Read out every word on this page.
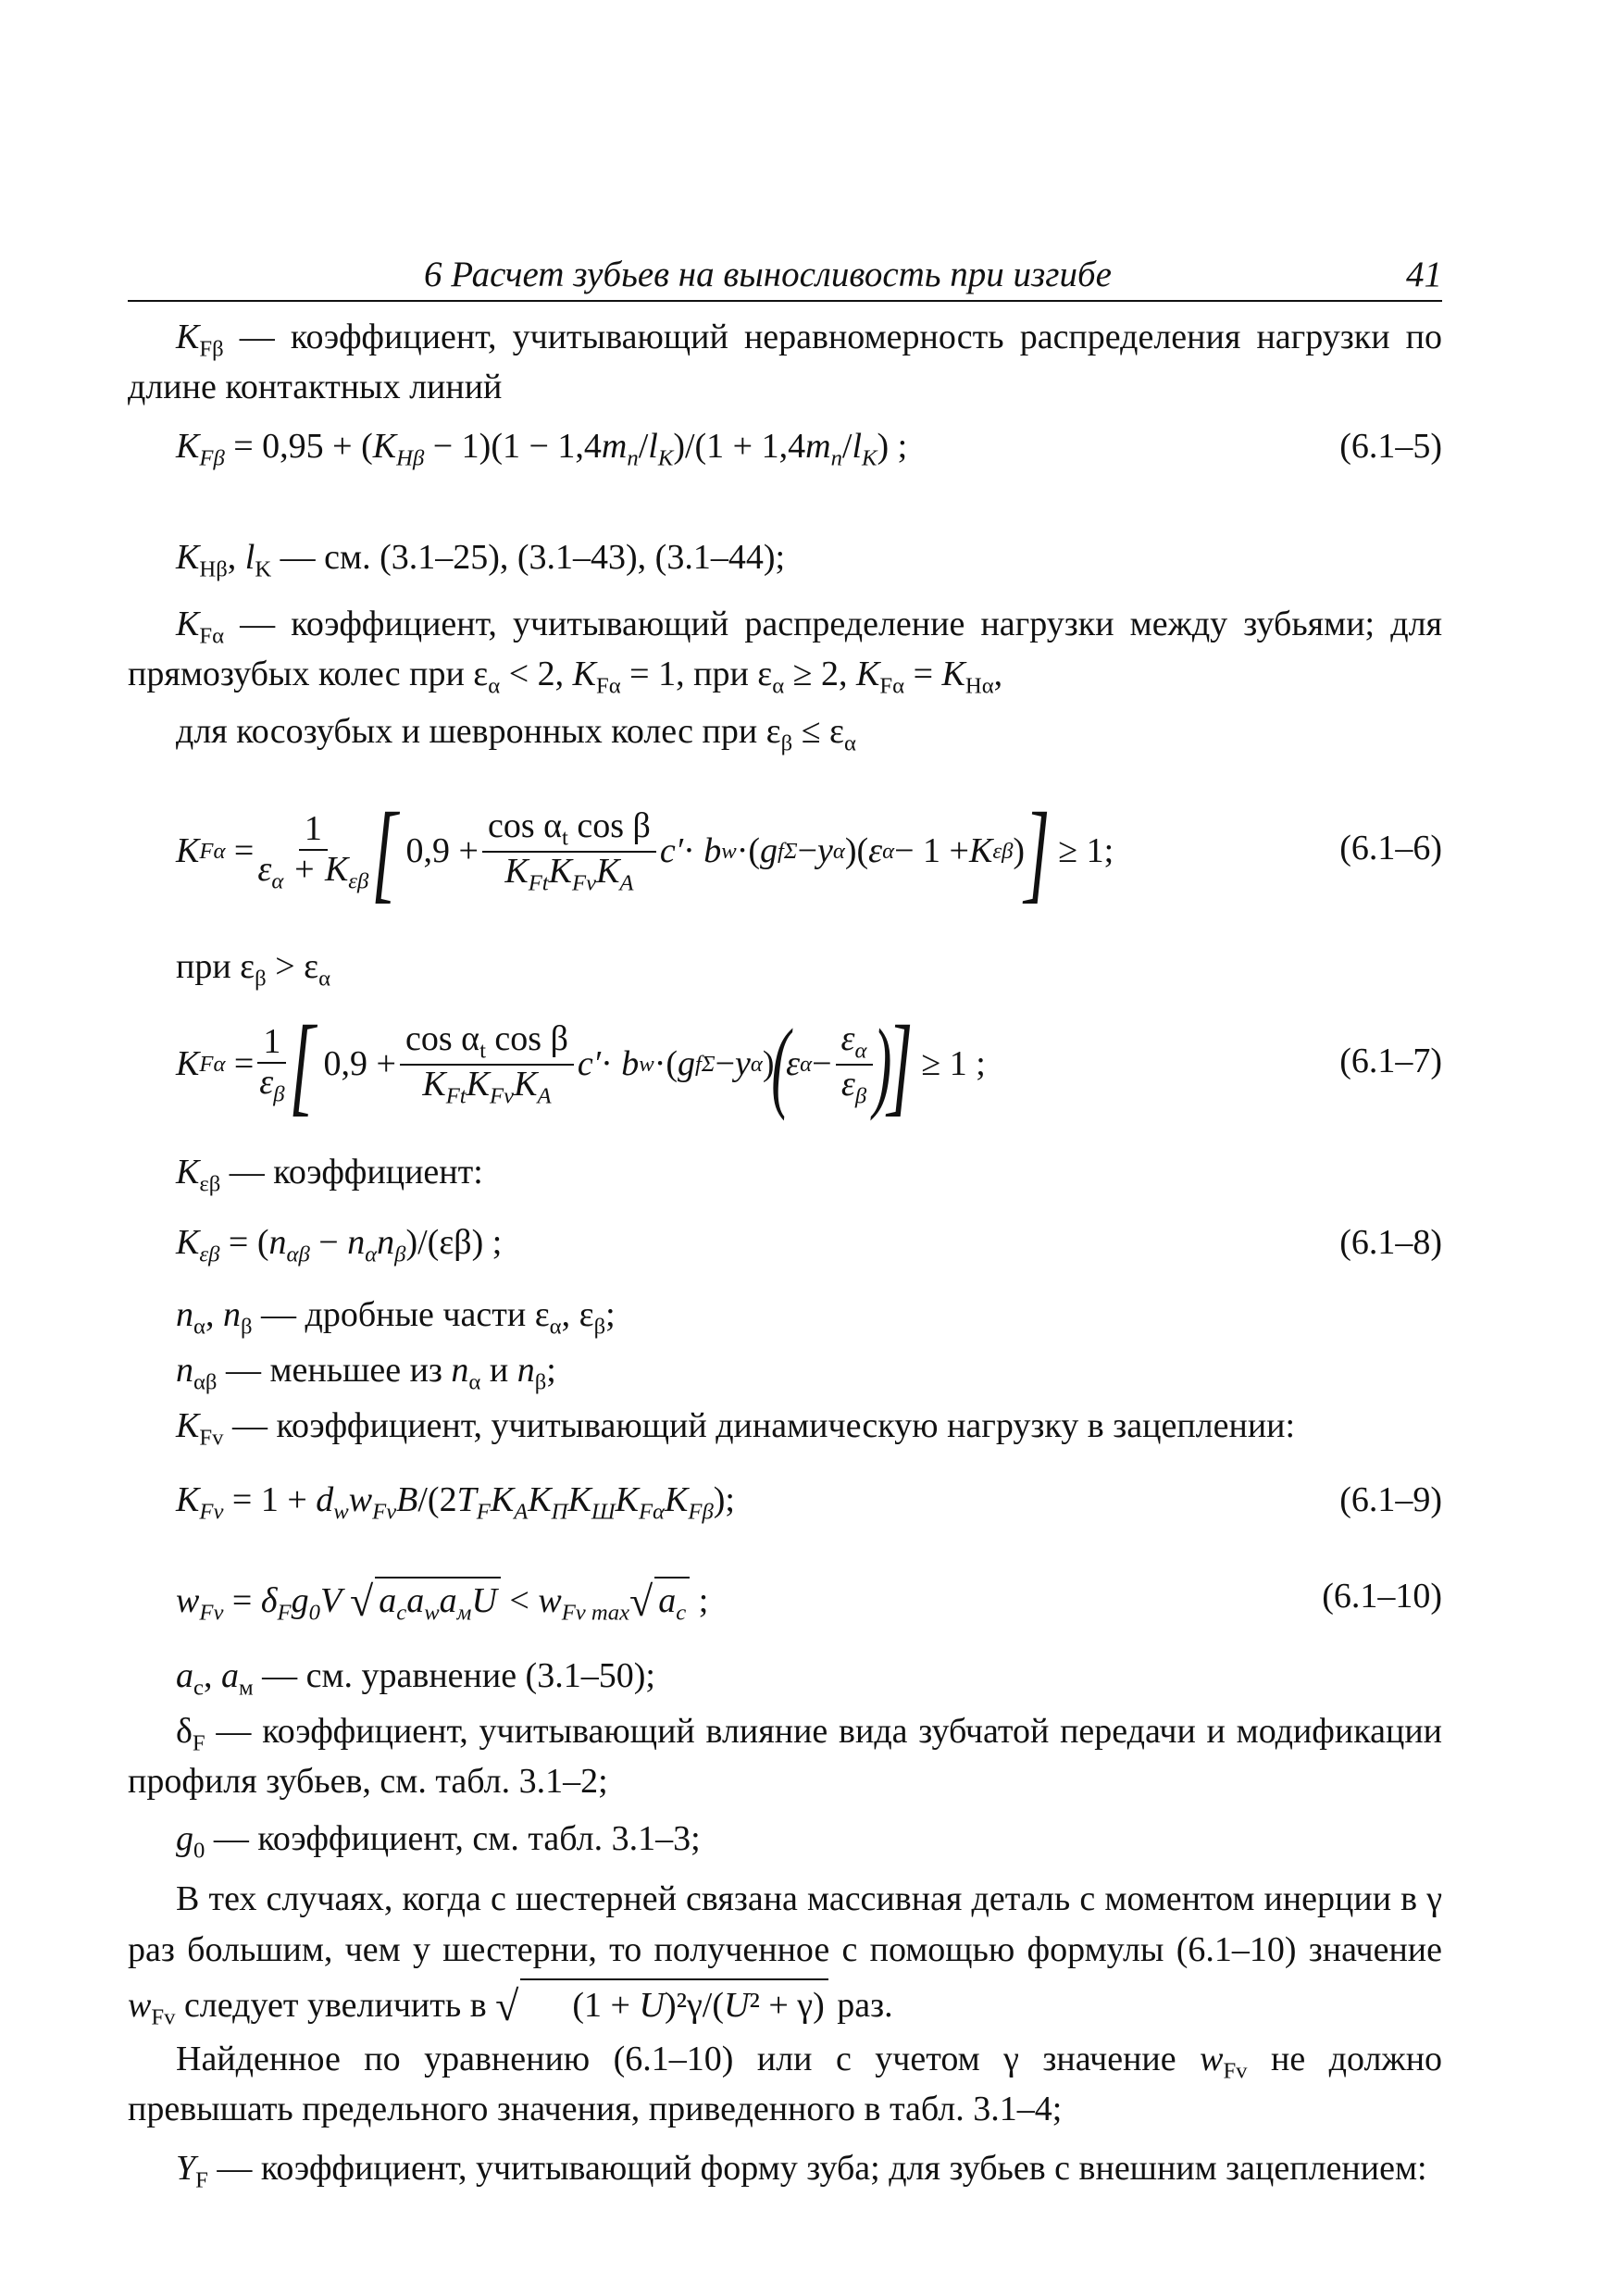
6 Расчет зубьев на выносливость при изгибе	41
$K_{F\beta}$ — коэффициент, учитывающий неравномерность распределения нагрузки по длине контактных линий
$K_{F\beta} = 0,95 + (K_{H\beta} - 1)(1 - 1,4m_n/l_K)/(1 + 1,4m_n/l_K)$ ;	(6.1–5)
$K_{H\beta}$, $l_K$ — см. (3.1–25), (3.1–43), (3.1–44);
$K_{F\alpha}$ — коэффициент, учитывающий распределение нагрузки между зубьями; для прямозубых колес при $\varepsilon_\alpha < 2$, $K_{F\alpha} = 1$, при $\varepsilon_\alpha \ge 2$, $K_{F\alpha} = K_{H\alpha}$,
для косозубых и шевронных колес при $\varepsilon_\beta \le \varepsilon_\alpha$
K Fα
= $\frac{1}{\varepsilon_\alpha + K_{\varepsilon\beta}}$ [ $0,9 + \frac{\cos \alpha_t \cos \beta}{K_{Ft}K_{Fv}K_A} c' \cdot b$ w · ( g fΣ − y α )( ε α − 1 + K εβ ) ] ≥ 1;	(6.1–6)
при $\varepsilon_\beta > \varepsilon_\alpha$
K Fα
= $\frac{1}{\varepsilon_\beta}$ [ $0,9 + \frac{\cos \alpha_t \cos \beta}{K_{Ft}K_{Fv}K_A} c' \cdot b$ w · ( g fΣ − y α )
(
ε $\alpha - \frac{\varepsilon_\alpha}{\varepsilon_\beta}$ )
] ≥ 1 ;	(6.1–7)
$K_{\varepsilon\beta}$ — коэффициент:
$K_{\varepsilon\beta} = (n_{\alpha\beta} - n_\alpha n_\beta)/(\varepsilon\beta)$ ;	(6.1–8)
$n_\alpha$, $n_\beta$ — дробные части $\varepsilon_\alpha$, $\varepsilon_\beta$;
$n_{\alpha\beta}$ — меньшее из $n_\alpha$ и $n_\beta$;
$K_{Fv}$ — коэффициент, учитывающий динамическую нагрузку в зацеплении:
$K_{Fv} = 1 + d_ww_{Fv}B/(2T_FK_AK_ПK_ШK_{F\alpha}K_{F\beta})$;	(6.1–9)
$w_{Fv} = \delta_Fg_0V$ √ $a_ca_wa_мU < w_{Fv max}√$ $a_c$ ;	(6.1–10)
$a_c$, $a_м$ — см. уравнение (3.1–50);
$\delta_F$ — коэффициент, учитывающий влияние вида зубчатой передачи и модификации профиля зубьев, см. табл. 3.1–2;
$g_0$ — коэффициент, см. табл. 3.1–3;
В тех случаях, когда с шестерней связана массивная деталь с моментом инерции в γ раз большим, чем у шестерни, то полученное с помощью формулы (6.1–10) значение $w_{Fv}$ следует увеличить в √ (1 + U)²γ/(U² + γ) раз.
Найденное по уравнению (6.1–10) или с учетом γ значение $w_{Fv}$ не должно превышать предельного значения, приведенного в табл. 3.1–4;
$Y_F$ — коэффициент, учитывающий форму зуба; для зубьев с внешним зацеплением:
